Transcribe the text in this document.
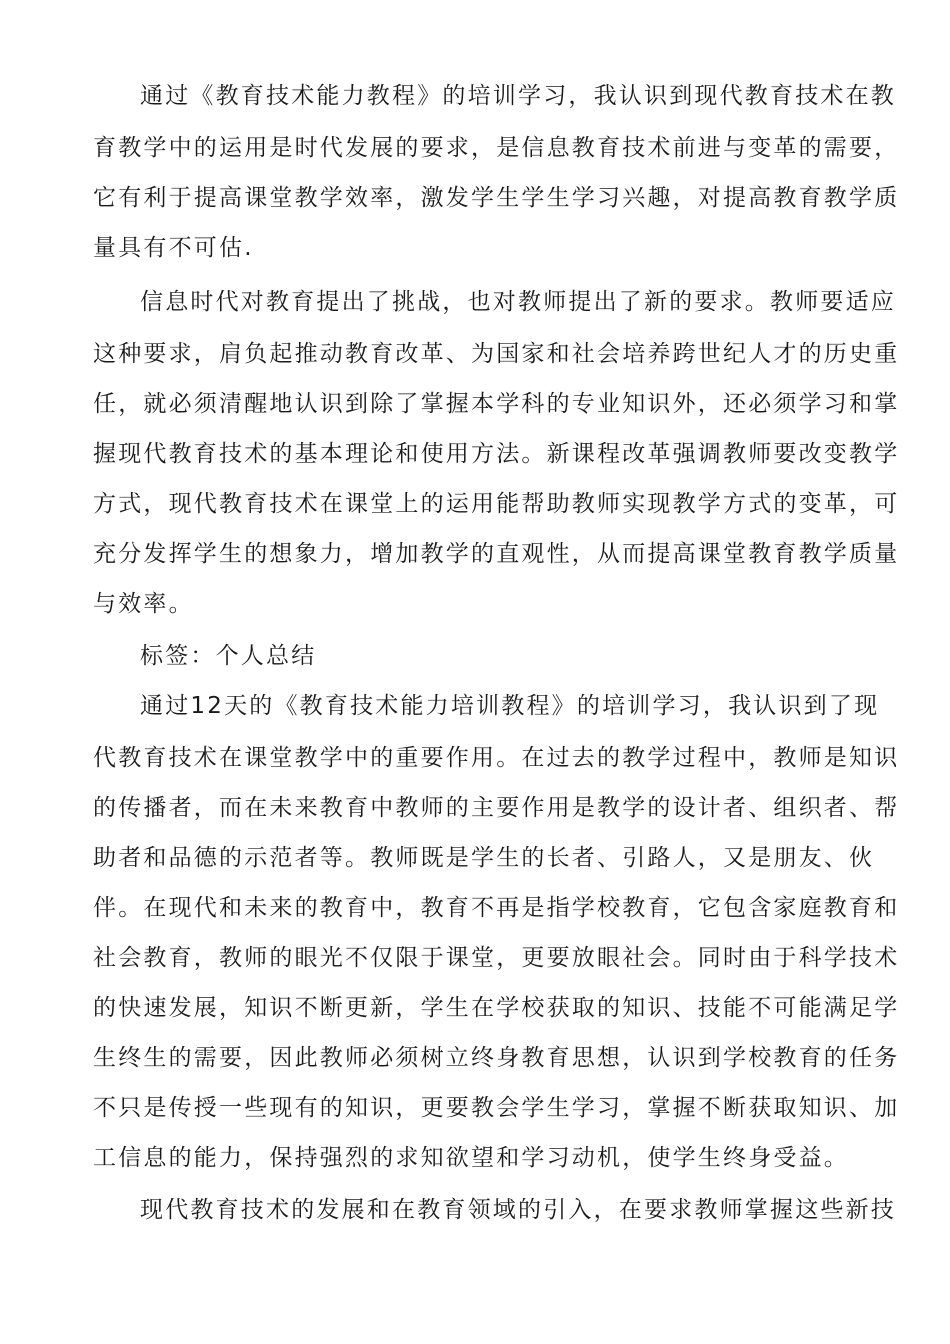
通过《教育技术能力教程》的培训学习，我认识到现代教育技术在教
育教学中的运用是时代发展的要求，是信息教育技术前进与变革的需要，
它有利于提高课堂教学效率，激发学生学生学习兴趣，对提高教育教学质
量具有不可估.
信息时代对教育提出了挑战，也对教师提出了新的要求。教师要适应
这种要求，肩负起推动教育改革、为国家和社会培养跨世纪人才的历史重
任，就必须清醒地认识到除了掌握本学科的专业知识外，还必须学习和掌
握现代教育技术的基本理论和使用方法。新课程改革强调教师要改变教学
方式，现代教育技术在课堂上的运用能帮助教师实现教学方式的变革，可
充分发挥学生的想象力，增加教学的直观性，从而提高课堂教育教学质量
与效率。
标签：个人总结
通过12天的《教育技术能力培训教程》的培训学习，我认识到了现
代教育技术在课堂教学中的重要作用。在过去的教学过程中，教师是知识
的传播者，而在未来教育中教师的主要作用是教学的设计者、组织者、帮
助者和品德的示范者等。教师既是学生的长者、引路人，又是朋友、伙
伴。在现代和未来的教育中，教育不再是指学校教育，它包含家庭教育和
社会教育，教师的眼光不仅限于课堂，更要放眼社会。同时由于科学技术
的快速发展，知识不断更新，学生在学校获取的知识、技能不可能满足学
生终生的需要，因此教师必须树立终身教育思想，认识到学校教育的任务
不只是传授一些现有的知识，更要教会学生学习，掌握不断获取知识、加
工信息的能力，保持强烈的求知欲望和学习动机，使学生终身受益。
现代教育技术的发展和在教育领域的引入，在要求教师掌握这些新技
